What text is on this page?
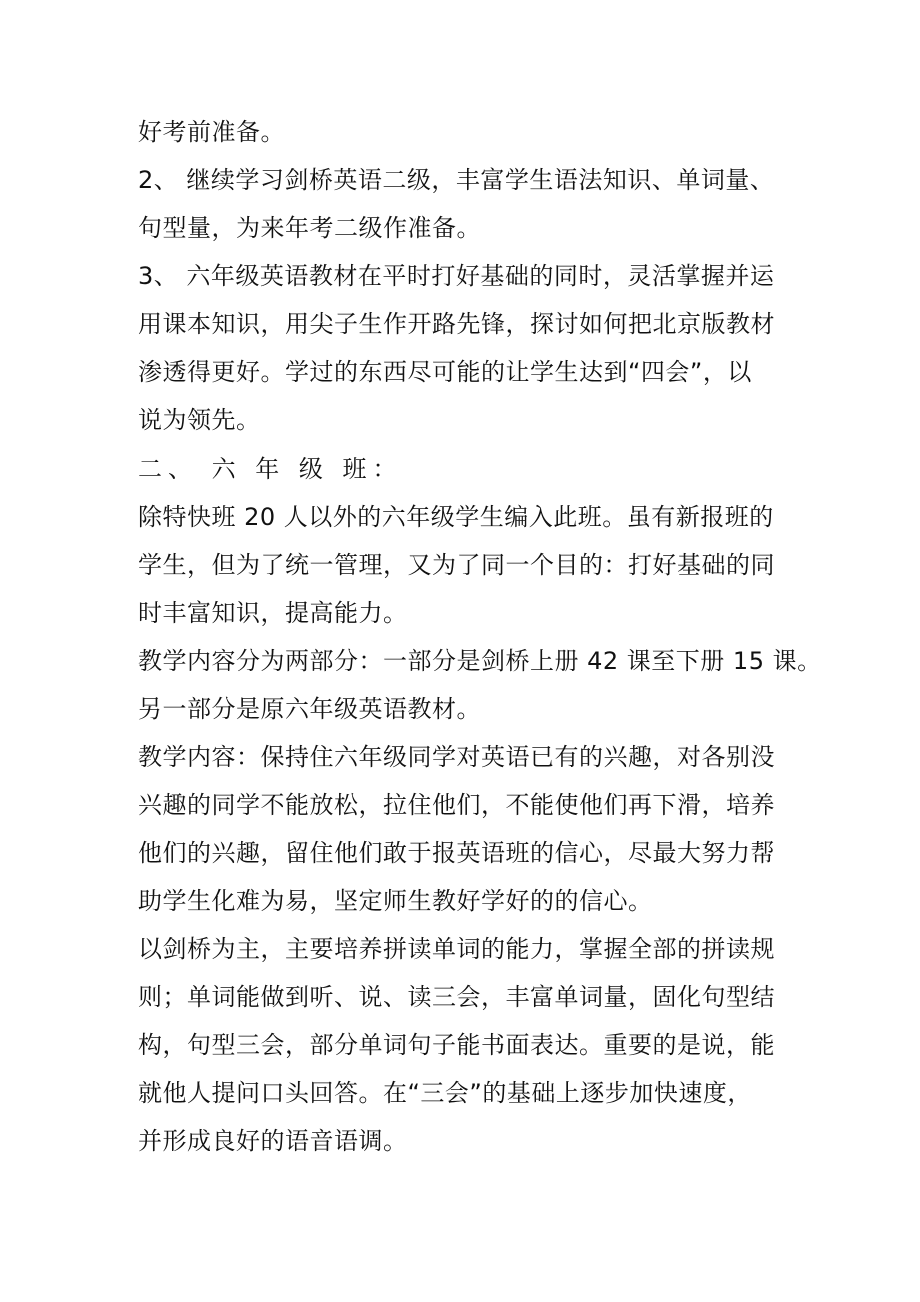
好考前准备。
2、 继续学习剑桥英语二级，丰富学生语法知识、单词量、
句型量，为来年考二级作准备。
3、 六年级英语教材在平时打好基础的同时，灵活掌握并运
用课本知识，用尖子生作开路先锋，探讨如何把北京版教材
渗透得更好。学过的东西尽可能的让学生达到“四会”，以
说为领先。
二、 六 年 级 班：
除特快班 20 人以外的六年级学生编入此班。虽有新报班的
学生，但为了统一管理，又为了同一个目的：打好基础的同
时丰富知识，提高能力。
教学内容分为两部分：一部分是剑桥上册 42 课至下册 15 课。
另一部分是原六年级英语教材。
教学内容：保持住六年级同学对英语已有的兴趣，对各别没
兴趣的同学不能放松，拉住他们，不能使他们再下滑，培养
他们的兴趣，留住他们敢于报英语班的信心，尽最大努力帮
助学生化难为易，坚定师生教好学好的的信心。
以剑桥为主，主要培养拼读单词的能力，掌握全部的拼读规
则；单词能做到听、说、读三会，丰富单词量，固化句型结
构，句型三会，部分单词句子能书面表达。重要的是说，能
就他人提问口头回答。在“三会”的基础上逐步加快速度，
并形成良好的语音语调。
